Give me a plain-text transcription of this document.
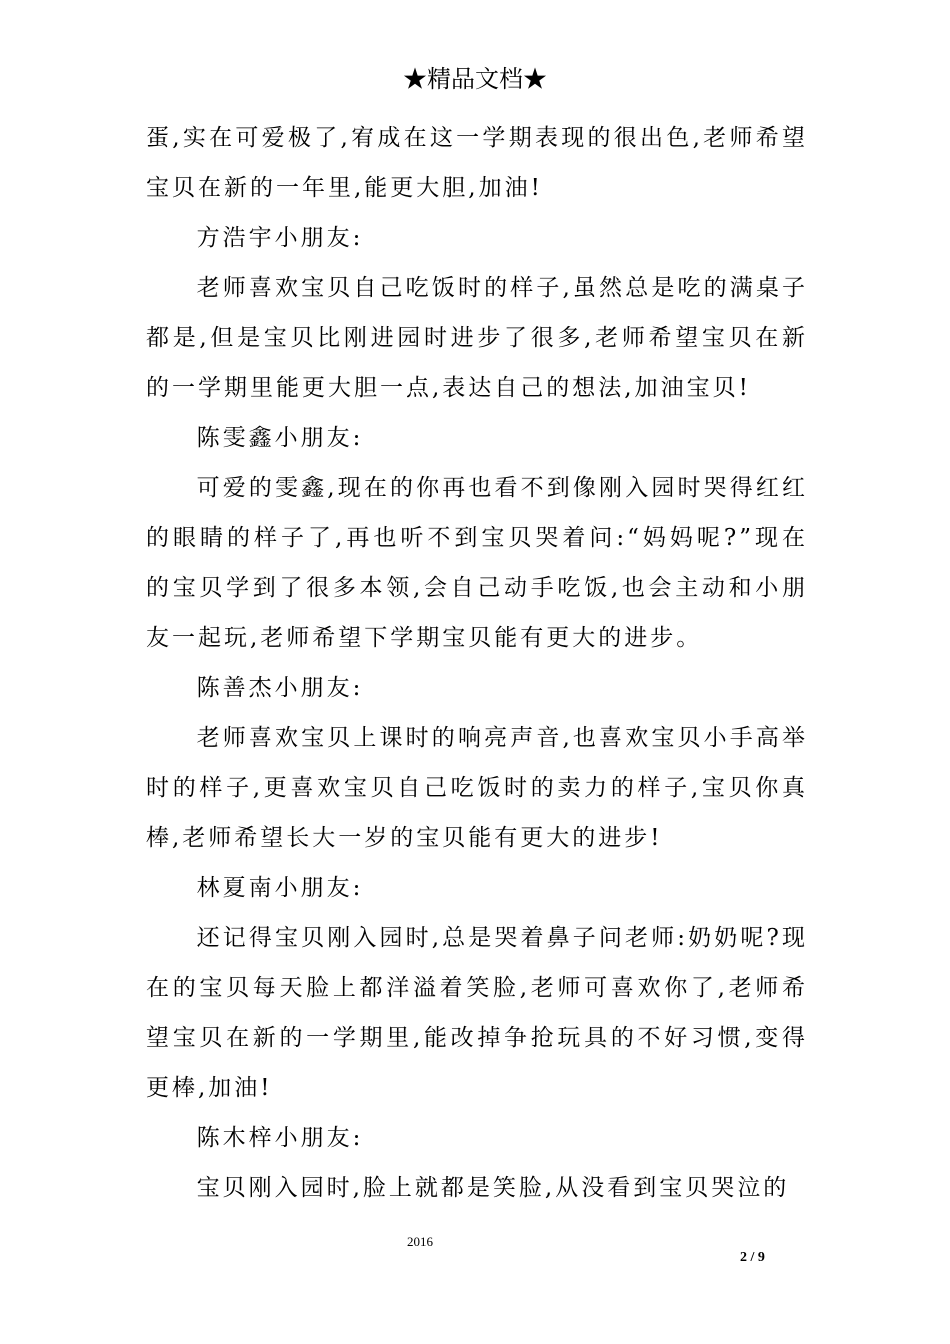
★精品文档★

蛋,实在可爱极了,宥成在这一学期表现的很出色,老师希望宝贝在新的一年里,能更大胆,加油!

方浩宇小朋友:

老师喜欢宝贝自己吃饭时的样子,虽然总是吃的满桌子都是,但是宝贝比刚进园时进步了很多,老师希望宝贝在新的一学期里能更大胆一点,表达自己的想法,加油宝贝!

陈雯鑫小朋友:

可爱的雯鑫,现在的你再也看不到像刚入园时哭得红红的眼睛的样子了,再也听不到宝贝哭着问:“妈妈呢?”现在的宝贝学到了很多本领,会自己动手吃饭,也会主动和小朋友一起玩,老师希望下学期宝贝能有更大的进步。

陈善杰小朋友:

老师喜欢宝贝上课时的响亮声音,也喜欢宝贝小手高举时的样子,更喜欢宝贝自己吃饭时的卖力的样子,宝贝你真棒,老师希望长大一岁的宝贝能有更大的进步!

林夏南小朋友:

还记得宝贝刚入园时,总是哭着鼻子问老师:奶奶呢?现在的宝贝每天脸上都洋溢着笑脸,老师可喜欢你了,老师希望宝贝在新的一学期里,能改掉争抢玩具的不好习惯,变得更棒,加油!

陈木梓小朋友:

宝贝刚入园时,脸上就都是笑脸,从没看到宝贝哭泣的

2016
2 / 9
